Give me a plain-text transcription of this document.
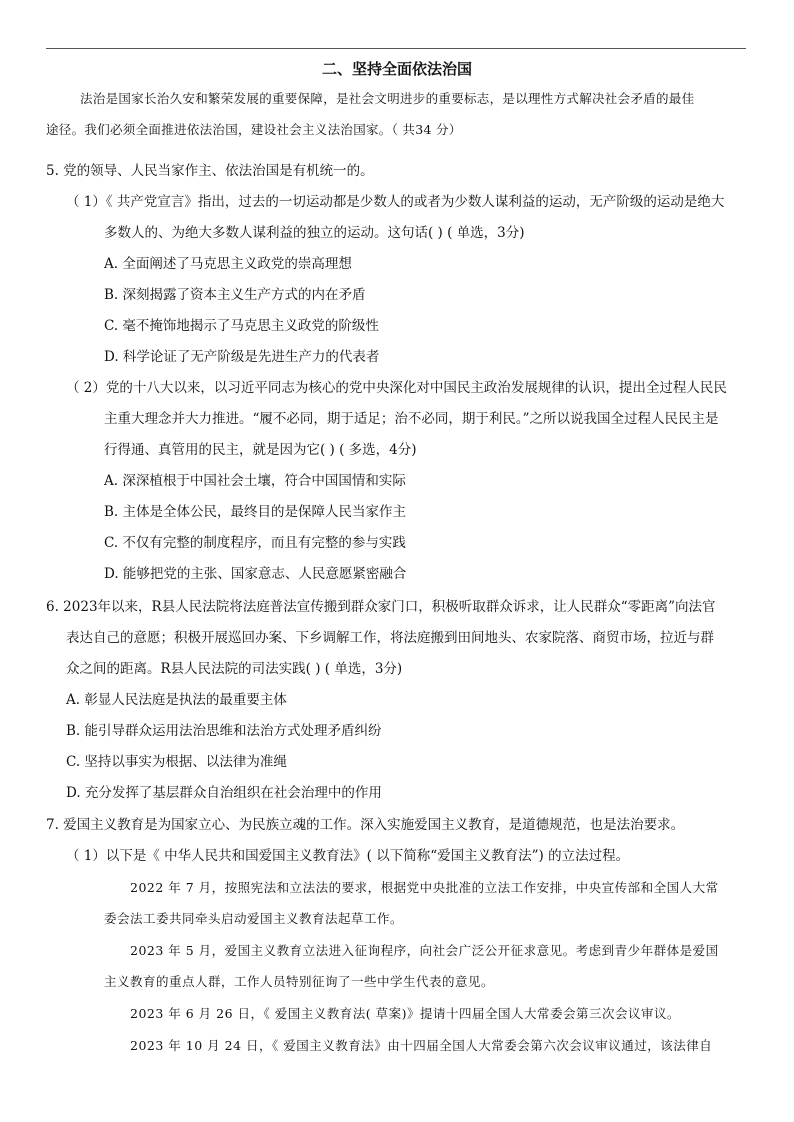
二、坚持全面依法治国
法治是国家长治久安和繁荣发展的重要保障，是社会文明进步的重要标志，是以理性方式解决社会矛盾的最佳
途径。我们必须全面推进依法治国，建设社会主义法治国家。（ 共34 分）
5. 党的领导、人民当家作主、依法治国是有机统一的。
（ 1）《 共产党宣言》指出，过去的一切运动都是少数人的或者为少数人谋利益的运动，无产阶级的运动是绝大
多数人的、为绝大多数人谋利益的独立的运动。这句话( ) ( 单选，3分)
A. 全面阐述了马克思主义政党的崇高理想
B. 深刻揭露了资本主义生产方式的内在矛盾
C. 毫不掩饰地揭示了马克思主义政党的阶级性
D. 科学论证了无产阶级是先进生产力的代表者
（ 2）党的十八大以来，以习近平同志为核心的党中央深化对中国民主政治发展规律的认识，提出全过程人民民
主重大理念并大力推进。“履不必同，期于适足；治不必同，期于利民。”之所以说我国全过程人民民主是
行得通、真管用的民主，就是因为它( ) ( 多选，4分)
A. 深深植根于中国社会土壤，符合中国国情和实际
B. 主体是全体公民，最终目的是保障人民当家作主
C. 不仅有完整的制度程序，而且有完整的参与实践
D. 能够把党的主张、国家意志、人民意愿紧密融合
6. 2023年以来，R县人民法院将法庭普法宣传搬到群众家门口，积极听取群众诉求，让人民群众“零距离”向法官
表达自己的意愿；积极开展巡回办案、下乡调解工作，将法庭搬到田间地头、农家院落、商贸市场，拉近与群
众之间的距离。R县人民法院的司法实践( ) ( 单选，3分)
A. 彰显人民法庭是执法的最重要主体
B. 能引导群众运用法治思维和法治方式处理矛盾纠纷
C. 坚持以事实为根据、以法律为准绳
D. 充分发挥了基层群众自治组织在社会治理中的作用
7. 爱国主义教育是为国家立心、为民族立魂的工作。深入实施爱国主义教育，是道德规范，也是法治要求。
（ 1）以下是《 中华人民共和国爱国主义教育法》( 以下简称“爱国主义教育法”) 的立法过程。
2022 年 7 月，按照宪法和立法法的要求，根据党中央批准的立法工作安排，中央宣传部和全国人大常
委会法工委共同牵头启动爱国主义教育法起草工作。
2023 年 5 月，爱国主义教育立法进入征询程序，向社会广泛公开征求意见。考虑到青少年群体是爱国
主义教育的重点人群，工作人员特别征询了一些中学生代表的意见。
2023 年 6 月 26 日，《 爱国主义教育法( 草案)》提请十四届全国人大常委会第三次会议审议。
2023 年 10 月 24 日，《 爱国主义教育法》由十四届全国人大常委会第六次会议审议通过，该法律自
